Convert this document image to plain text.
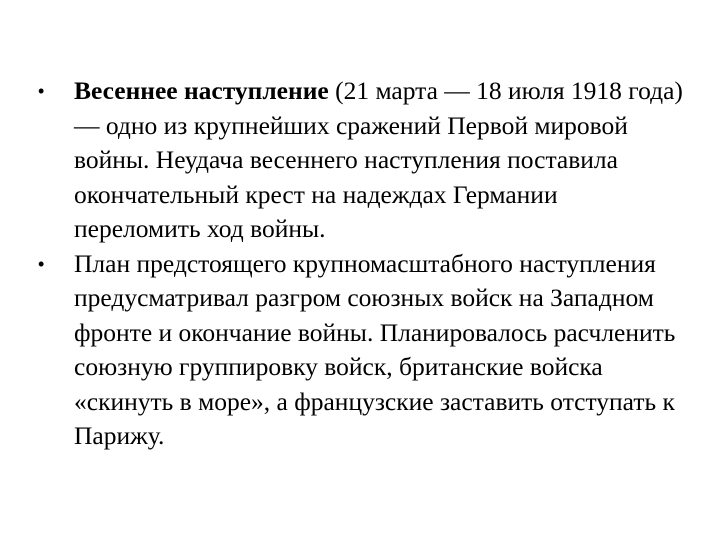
•	Весеннее наступление (21 марта — 18 июля 1918 года) — одно из крупнейших сражений Первой мировой войны. Неудача весеннего наступления поставила окончательный крест на надеждах Германии переломить ход войны.
•	План предстоящего крупномасштабного наступления предусматривал разгром союзных войск на Западном фронте и окончание войны. Планировалось расчленить союзную группировку войск, британские войска «скинуть в море», а французские заставить отступать к Парижу.
